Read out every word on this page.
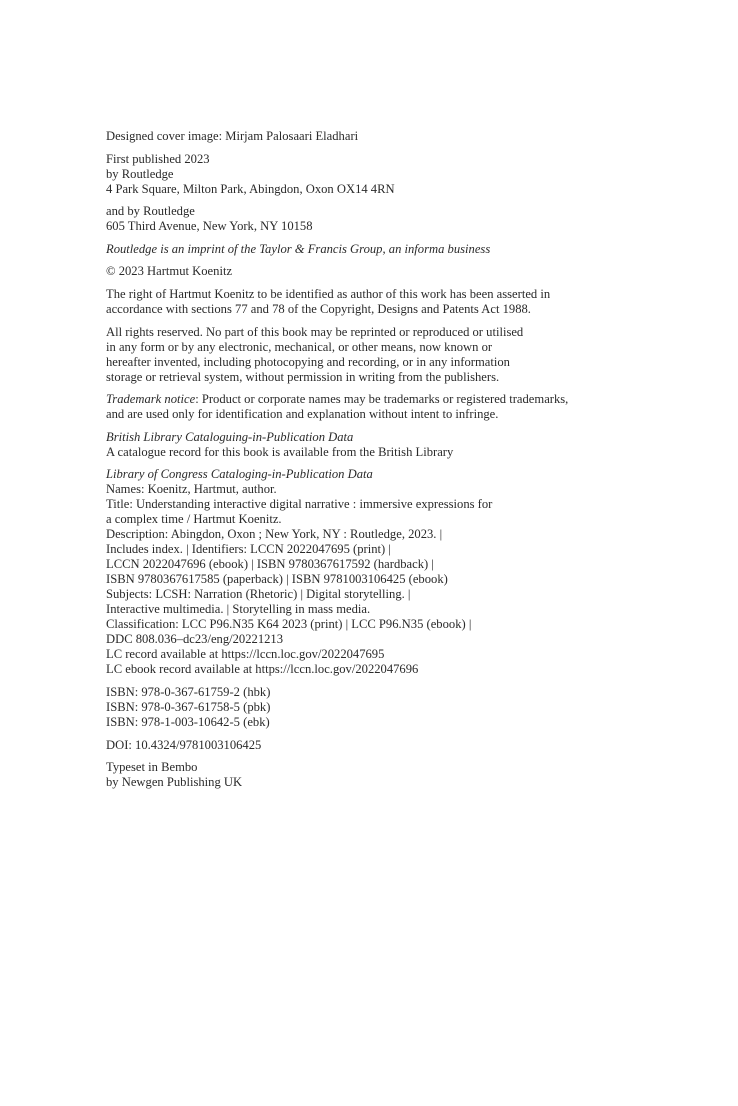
Designed cover image: Mirjam Palosaari Eladhari
First published 2023
by Routledge
4 Park Square, Milton Park, Abingdon, Oxon OX14 4RN
and by Routledge
605 Third Avenue, New York, NY 10158
Routledge is an imprint of the Taylor & Francis Group, an informa business
© 2023 Hartmut Koenitz
The right of Hartmut Koenitz to be identified as author of this work has been asserted in
accordance with sections 77 and 78 of the Copyright, Designs and Patents Act 1988.
All rights reserved. No part of this book may be reprinted or reproduced or utilised
in any form or by any electronic, mechanical, or other means, now known or
hereafter invented, including photocopying and recording, or in any information
storage or retrieval system, without permission in writing from the publishers.
Trademark notice: Product or corporate names may be trademarks or registered trademarks,
and are used only for identification and explanation without intent to infringe.
British Library Cataloguing-in-Publication Data
A catalogue record for this book is available from the British Library
Library of Congress Cataloging-in-Publication Data
Names: Koenitz, Hartmut, author.
Title: Understanding interactive digital narrative : immersive expressions for
a complex time / Hartmut Koenitz.
Description: Abingdon, Oxon ; New York, NY : Routledge, 2023. |
Includes index. | Identifiers: LCCN 2022047695 (print) |
LCCN 2022047696 (ebook) | ISBN 9780367617592 (hardback) |
ISBN 9780367617585 (paperback) | ISBN 9781003106425 (ebook)
Subjects: LCSH: Narration (Rhetoric) | Digital storytelling. |
Interactive multimedia. | Storytelling in mass media.
Classification: LCC P96.N35 K64 2023 (print) | LCC P96.N35 (ebook) |
DDC 808.036–dc23/eng/20221213
LC record available at https://lccn.loc.gov/2022047695
LC ebook record available at https://lccn.loc.gov/2022047696
ISBN: 978-0-367-61759-2 (hbk)
ISBN: 978-0-367-61758-5 (pbk)
ISBN: 978-1-003-10642-5 (ebk)
DOI: 10.4324/9781003106425
Typeset in Bembo
by Newgen Publishing UK
